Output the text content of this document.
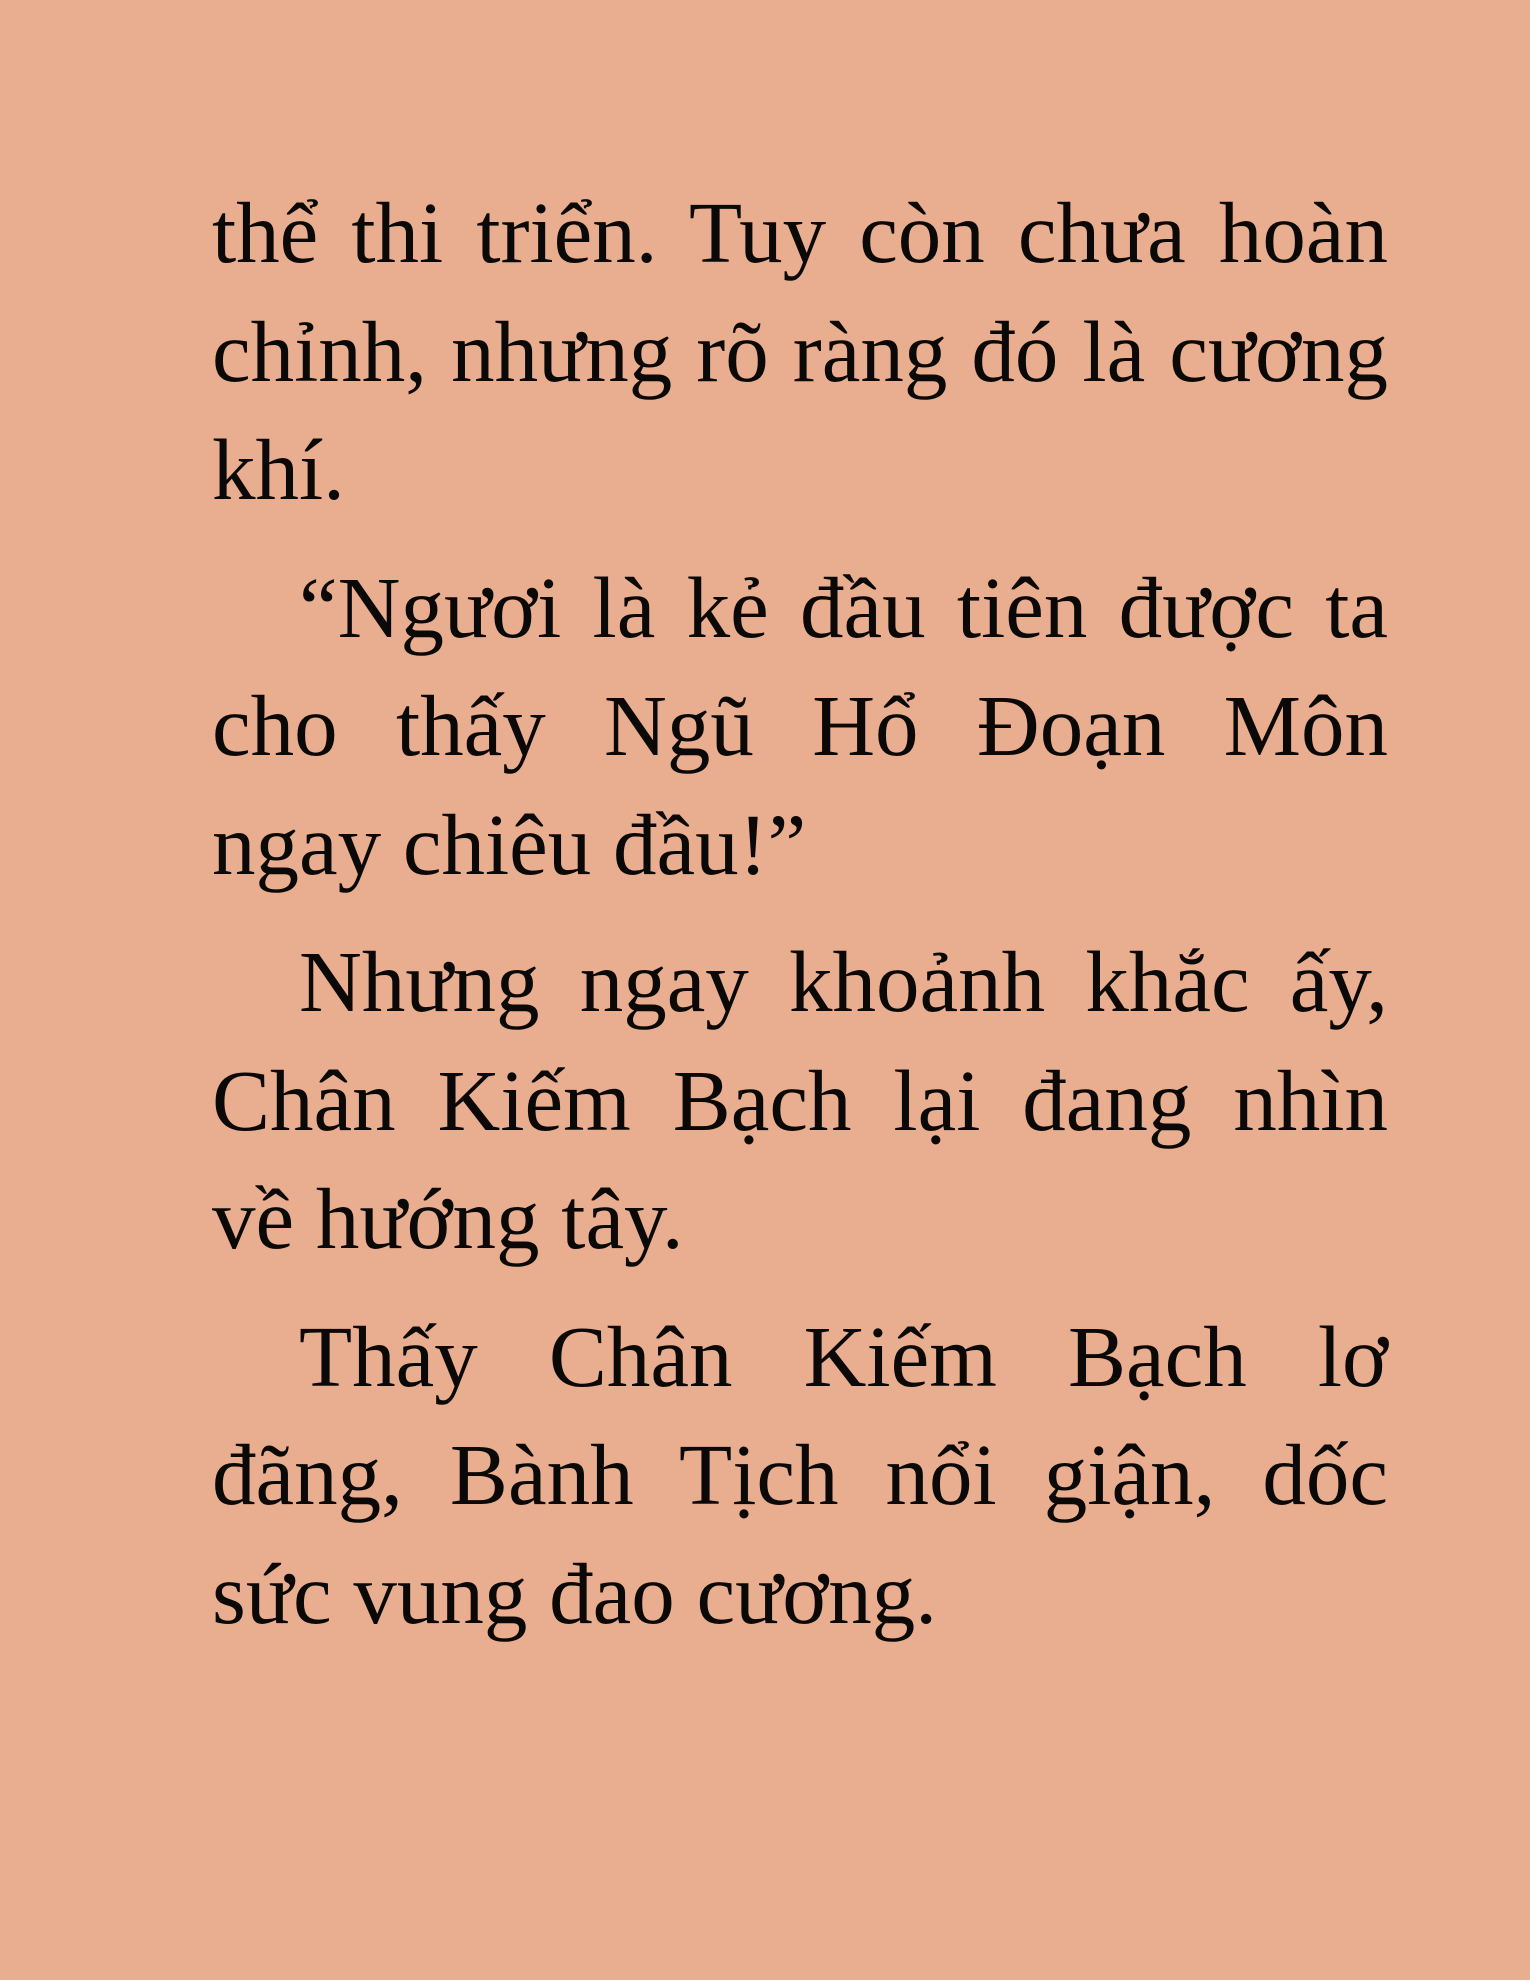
thể thi triển. Tuy còn chưa hoàn chỉnh, nhưng rõ ràng đó là cương khí.

“Ngươi là kẻ đầu tiên được ta cho thấy Ngũ Hổ Đoạn Môn ngay chiêu đầu!”

Nhưng ngay khoảnh khắc ấy, Chân Kiếm Bạch lại đang nhìn về hướng tây.

Thấy Chân Kiếm Bạch lơ đãng, Bành Tịch nổi giận, dốc sức vung đao cương.
